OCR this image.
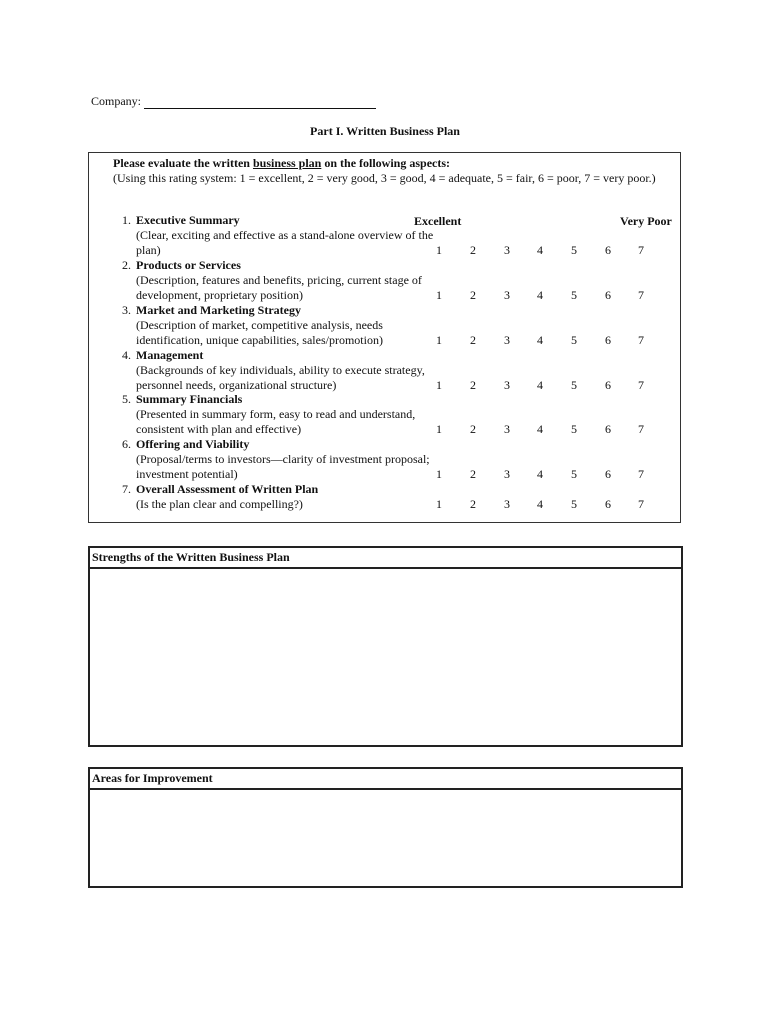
Company:
Part I. Written Business Plan
Please evaluate the written business plan on the following aspects:
(Using this rating system: 1 = excellent, 2 = very good, 3 = good, 4 = adequate, 5 = fair, 6 = poor, 7 = very poor.)
Excellent	Very Poor
1. Executive Summary
(Clear, exciting and effective as a stand-alone overview of the plan)	1	2	3	4	5	6	7
2. Products or Services
(Description, features and benefits, pricing, current stage of development, proprietary position)	1	2	3	4	5	6	7
3. Market and Marketing Strategy
(Description of market, competitive analysis, needs identification, unique capabilities, sales/promotion)	1	2	3	4	5	6	7
4. Management
(Backgrounds of key individuals, ability to execute strategy, personnel needs, organizational structure)	1	2	3	4	5	6	7
5. Summary Financials
(Presented in summary form, easy to read and understand, consistent with plan and effective)	1	2	3	4	5	6	7
6. Offering and Viability
(Proposal/terms to investors—clarity of investment proposal; investment potential)	1	2	3	4	5	6	7
7. Overall Assessment of Written Plan
(Is the plan clear and compelling?)	1	2	3	4	5	6	7
Strengths of the Written Business Plan
Areas for Improvement
